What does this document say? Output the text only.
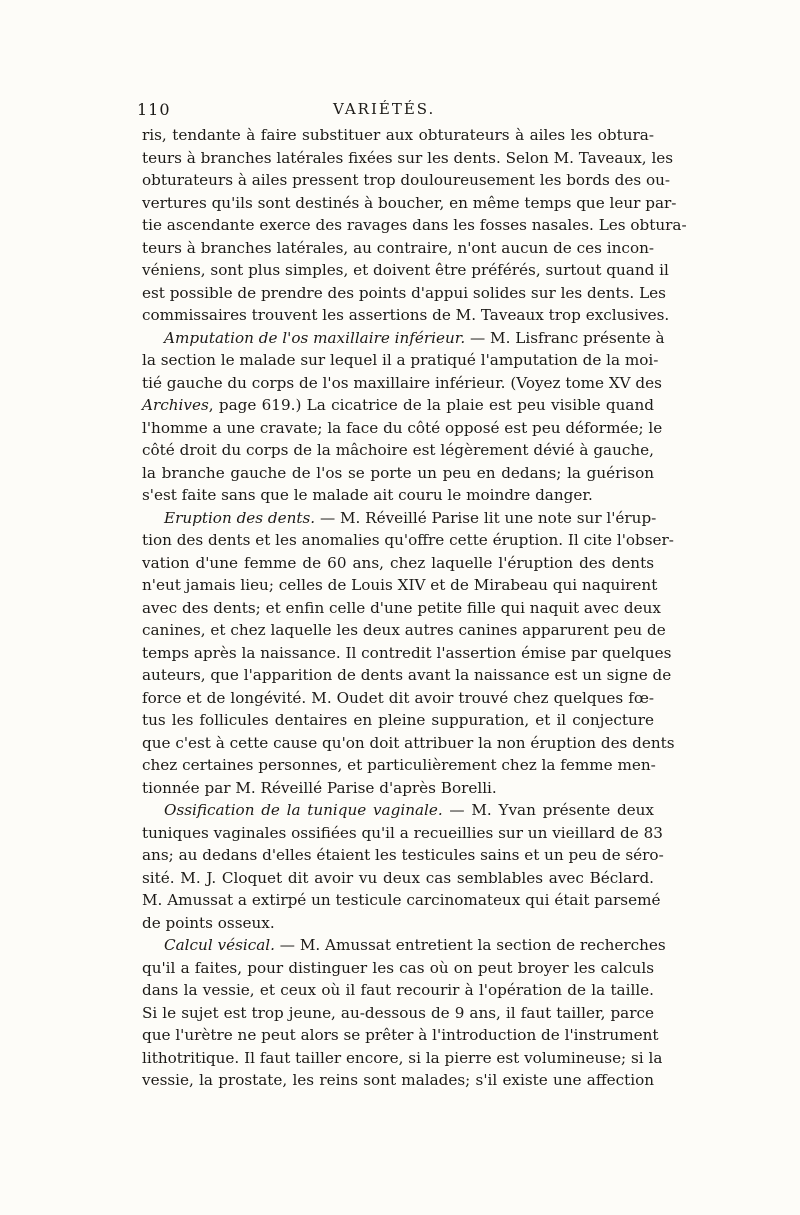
110	VARIÉTÉS.
ris, tendante à faire substituer aux obturateurs à ailes les obtura-
teurs à branches latérales fixées sur les dents. Selon M. Taveaux, les
obturateurs à ailes pressent trop douloureusement les bords des ou-
vertures qu'ils sont destinés à boucher, en même temps que leur par-
tie ascendante exerce des ravages dans les fosses nasales. Les obtura-
teurs à branches latérales, au contraire, n'ont aucun de ces incon-
véniens, sont plus simples, et doivent être préférés, surtout quand il
est possible de prendre des points d'appui solides sur les dents. Les
commissaires trouvent les assertions de M. Taveaux trop exclusives.
Amputation de l'os maxillaire inférieur. — M. Lisfranc présente à
la section le malade sur lequel il a pratiqué l'amputation de la moi-
tié gauche du corps de l'os maxillaire inférieur. (Voyez tome XV des
Archives, page 619.) La cicatrice de la plaie est peu visible quand
l'homme a une cravate; la face du côté opposé est peu déformée; le
côté droit du corps de la mâchoire est légèrement dévié à gauche,
la branche gauche de l'os se porte un peu en dedans; la guérison
s'est faite sans que le malade ait couru le moindre danger.
Eruption des dents. — M. Réveillé Parise lit une note sur l'érup-
tion des dents et les anomalies qu'offre cette éruption. Il cite l'obser-
vation d'une femme de 60 ans, chez laquelle l'éruption des dents
n'eut jamais lieu; celles de Louis XIV et de Mirabeau qui naquirent
avec des dents; et enfin celle d'une petite fille qui naquit avec deux
canines, et chez laquelle les deux autres canines apparurent peu de
temps après la naissance. Il contredit l'assertion émise par quelques
auteurs, que l'apparition de dents avant la naissance est un signe de
force et de longévité. M. Oudet dit avoir trouvé chez quelques fœ-
tus les follicules dentaires en pleine suppuration, et il conjecture
que c'est à cette cause qu'on doit attribuer la non éruption des dents
chez certaines personnes, et particulièrement chez la femme men-
tionnée par M. Réveillé Parise d'après Borelli.
Ossification de la tunique vaginale. — M. Yvan présente deux
tuniques vaginales ossifiées qu'il a recueillies sur un vieillard de 83
ans; au dedans d'elles étaient les testicules sains et un peu de séro-
sité. M. J. Cloquet dit avoir vu deux cas semblables avec Béclard.
M. Amussat a extirpé un testicule carcinomateux qui était parsemé
de points osseux.
Calcul vésical. — M. Amussat entretient la section de recherches
qu'il a faites, pour distinguer les cas où on peut broyer les calculs
dans la vessie, et ceux où il faut recourir à l'opération de la taille.
Si le sujet est trop jeune, au-dessous de 9 ans, il faut tailler, parce
que l'urètre ne peut alors se prêter à l'introduction de l'instrument
lithotritique. Il faut tailler encore, si la pierre est volumineuse; si la
vessie, la prostate, les reins sont malades; s'il existe une affection
